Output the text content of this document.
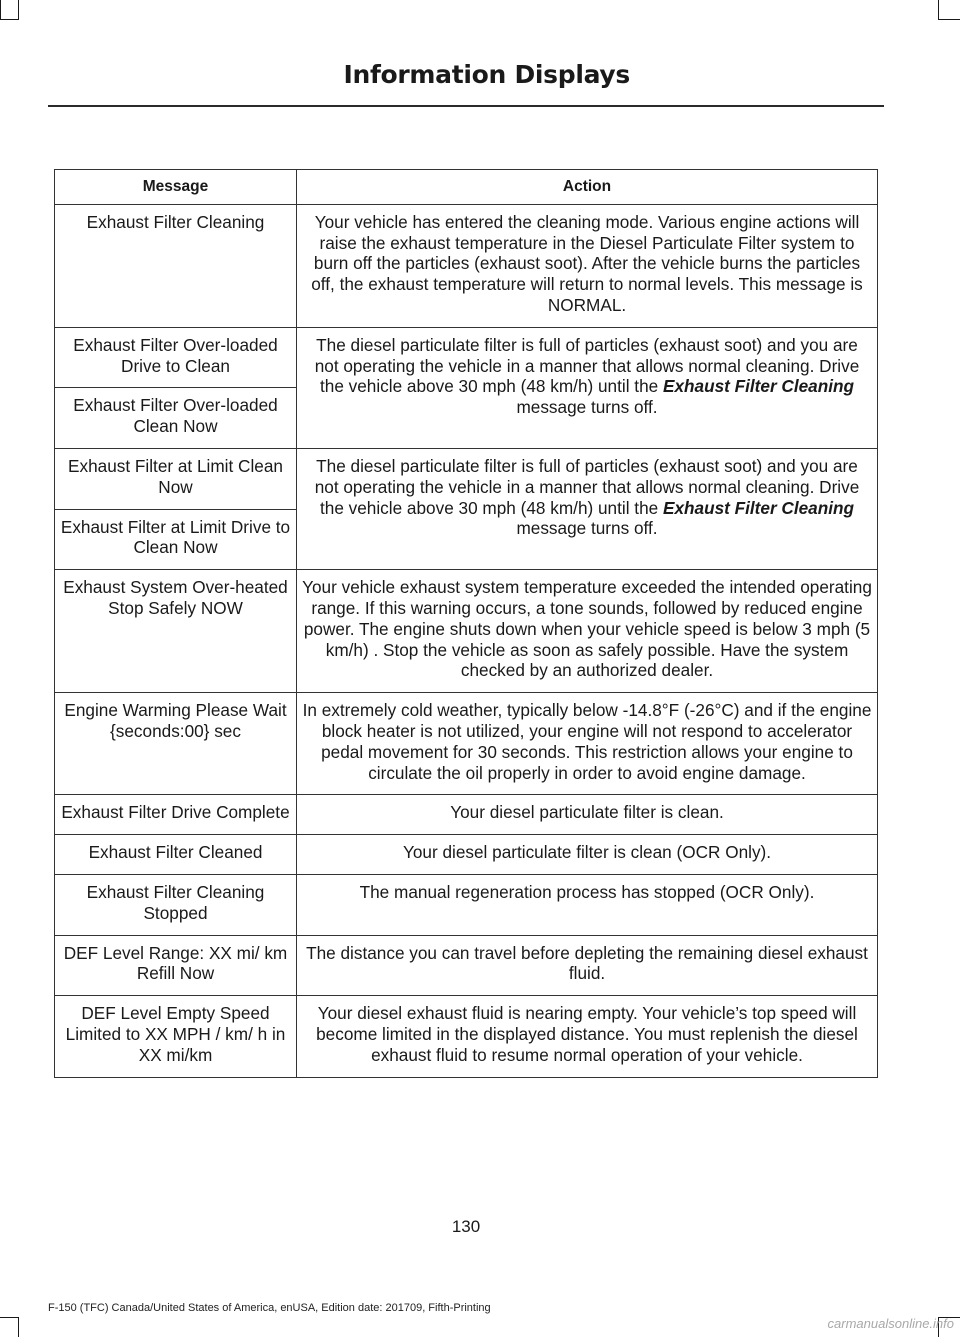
Information Displays
Message	Action
Exhaust Filter Cleaning	Your vehicle has entered the cleaning mode. Various engine actions will raise the exhaust temperature in the Diesel Particulate Filter system to burn off the particles (exhaust soot). After the vehicle burns the particles off, the exhaust temperature will return to normal levels. This message is NORMAL.
Exhaust Filter Over-loaded Drive to Clean	The diesel particulate filter is full of particles (exhaust soot) and you are not operating the vehicle in a manner that allows normal cleaning. Drive the vehicle above 30 mph (48 km/h) until the Exhaust Filter Cleaning message turns off.
Exhaust Filter Over-loaded Clean Now	
Exhaust Filter at Limit Clean Now	The diesel particulate filter is full of particles (exhaust soot) and you are not operating the vehicle in a manner that allows normal cleaning. Drive the vehicle above 30 mph (48 km/h) until the Exhaust Filter Cleaning message turns off.
Exhaust Filter at Limit Drive to Clean Now	
Exhaust System Over-heated Stop Safely NOW	Your vehicle exhaust system temperature exceeded the intended operating range. If this warning occurs, a tone sounds, followed by reduced engine power. The engine shuts down when your vehicle speed is below 3 mph (5 km/h) . Stop the vehicle as soon as safely possible. Have the system checked by an authorized dealer.
Engine Warming Please Wait {seconds:00} sec	In extremely cold weather, typically below -14.8°F (-26°C) and if the engine block heater is not utilized, your engine will not respond to accelerator pedal movement for 30 seconds. This restriction allows your engine to circulate the oil properly in order to avoid engine damage.
Exhaust Filter Drive Complete	Your diesel particulate filter is clean.
Exhaust Filter Cleaned	Your diesel particulate filter is clean (OCR Only).
Exhaust Filter Cleaning Stopped	The manual regeneration process has stopped (OCR Only).
DEF Level Range: XX mi/ km Refill Now	The distance you can travel before depleting the remaining diesel exhaust fluid.
DEF Level Empty Speed Limited to XX MPH / km/ h in XX mi/km	Your diesel exhaust fluid is nearing empty. Your vehicle’s top speed will become limited in the displayed distance. You must replenish the diesel exhaust fluid to resume normal operation of your vehicle.
130
F-150 (TFC) Canada/United States of America, enUSA, Edition date: 201709, Fifth-Printing
carmanualsonline.info
